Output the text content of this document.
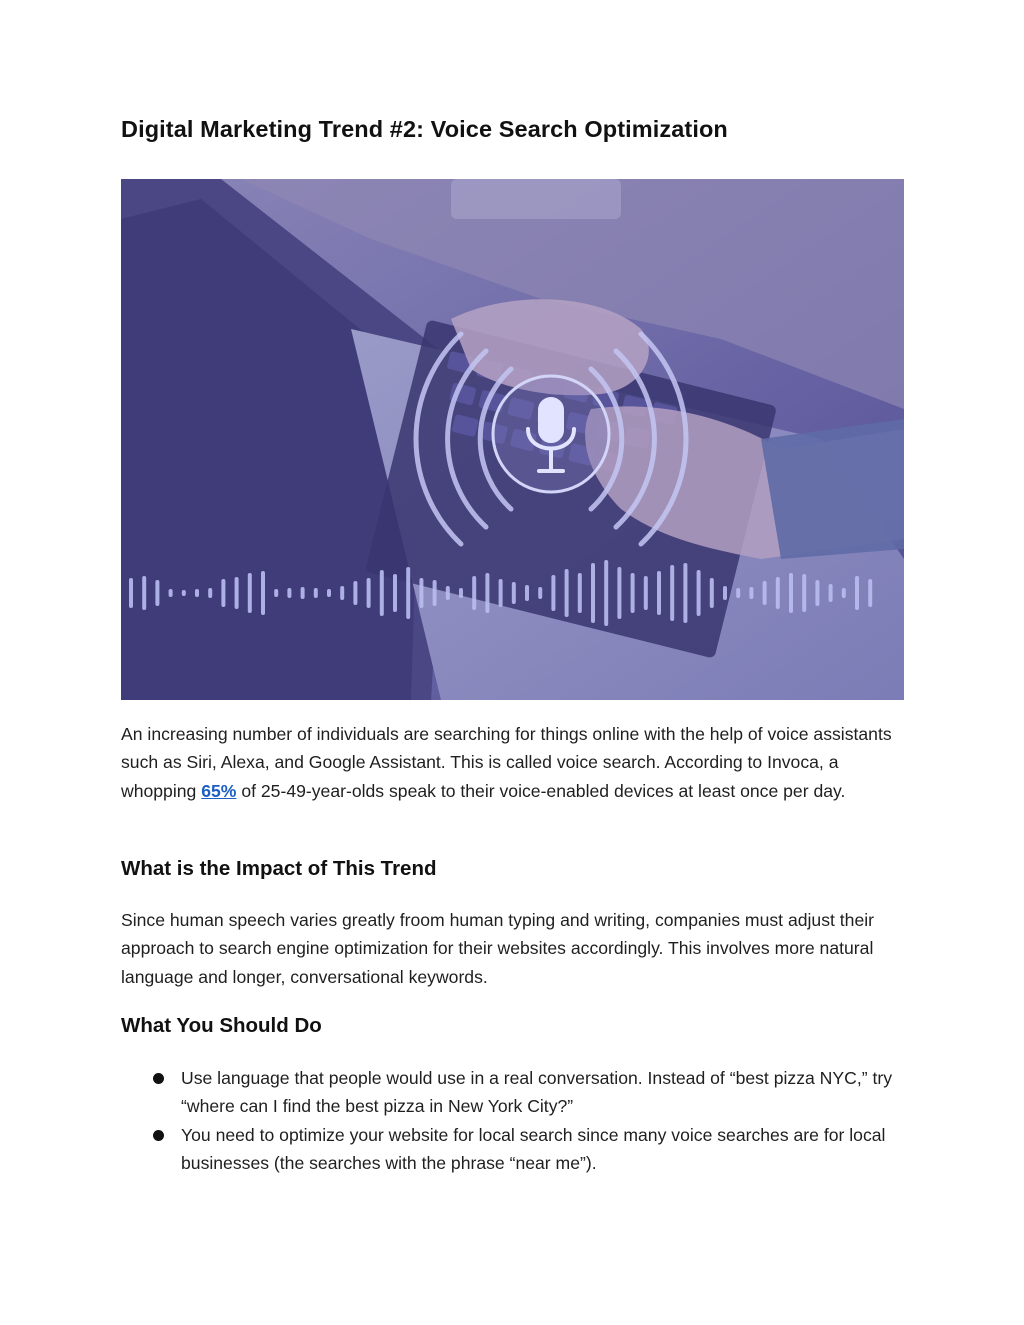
Digital Marketing Trend #2: Voice Search Optimization

An increasing number of individuals are searching for things online with the help of voice assistants such as Siri, Alexa, and Google Assistant. This is called voice search. According to Invoca, a whopping 65% of 25-49-year-olds speak to their voice-enabled devices at least once per day.

What is the Impact of This Trend

Since human speech varies greatly froom human typing and writing, companies must adjust their approach to search engine optimization for their websites accordingly. This involves more natural language and longer, conversational keywords.

What You Should Do
Use language that people would use in a real conversation. Instead of “best pizza NYC,” try “where can I find the best pizza in New York City?”
You need to optimize your website for local search since many voice searches are for local businesses (the searches with the phrase “near me”).
